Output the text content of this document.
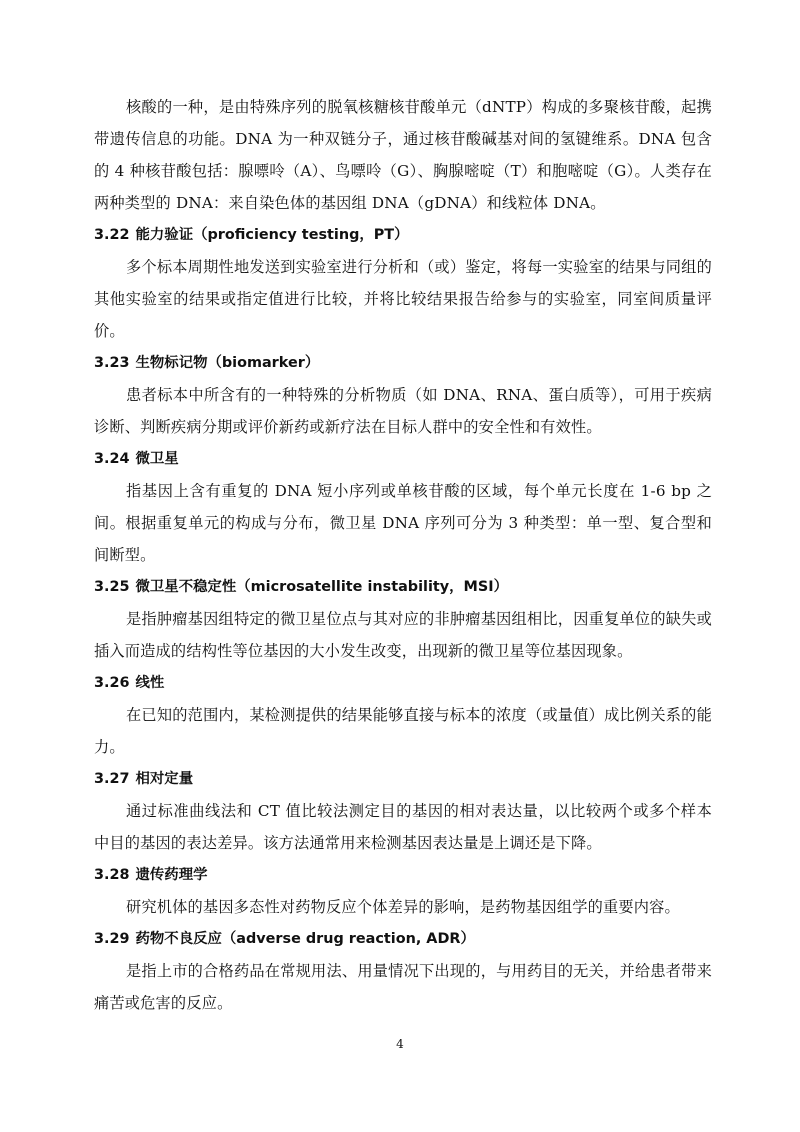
核酸的一种，是由特殊序列的脱氧核糖核苷酸单元（dNTP）构成的多聚核苷酸，起携带遗传信息的功能。DNA 为一种双链分子，通过核苷酸碱基对间的氢键维系。DNA 包含的 4 种核苷酸包括：腺嘌呤（A）、鸟嘌呤（G）、胸腺嘧啶（T）和胞嘧啶（G）。人类存在两种类型的 DNA：来自染色体的基因组 DNA（gDNA）和线粒体 DNA。

3.22 能力验证（proficiency testing，PT）

多个标本周期性地发送到实验室进行分析和（或）鉴定，将每一实验室的结果与同组的其他实验室的结果或指定值进行比较，并将比较结果报告给参与的实验室，同室间质量评价。

3.23 生物标记物（biomarker）

患者标本中所含有的一种特殊的分析物质（如 DNA、RNA、蛋白质等），可用于疾病诊断、判断疾病分期或评价新药或新疗法在目标人群中的安全性和有效性。

3.24 微卫星

指基因上含有重复的 DNA 短小序列或单核苷酸的区域，每个单元长度在 1-6 bp 之间。根据重复单元的构成与分布，微卫星 DNA 序列可分为 3 种类型：单一型、复合型和间断型。

3.25 微卫星不稳定性（microsatellite instability，MSI）

是指肿瘤基因组特定的微卫星位点与其对应的非肿瘤基因组相比，因重复单位的缺失或插入而造成的结构性等位基因的大小发生改变，出现新的微卫星等位基因现象。

3.26 线性

在已知的范围内，某检测提供的结果能够直接与标本的浓度（或量值）成比例关系的能力。

3.27 相对定量

通过标准曲线法和 CT 值比较法测定目的基因的相对表达量，以比较两个或多个样本中目的基因的表达差异。该方法通常用来检测基因表达量是上调还是下降。

3.28 遗传药理学

研究机体的基因多态性对药物反应个体差异的影响，是药物基因组学的重要内容。

3.29 药物不良反应（adverse drug reaction, ADR）

是指上市的合格药品在常规用法、用量情况下出现的，与用药目的无关，并给患者带来痛苦或危害的反应。

4
